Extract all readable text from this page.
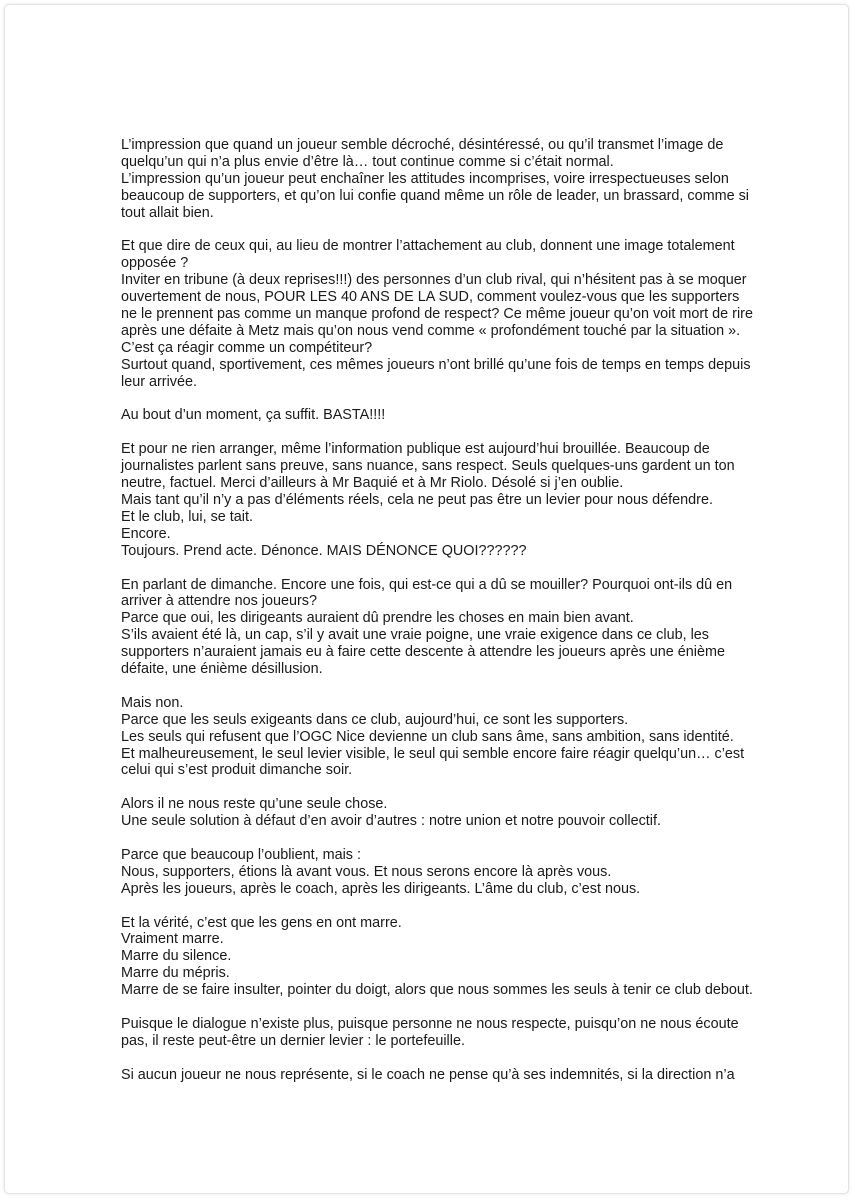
L’impression que quand un joueur semble décroché, désintéressé, ou qu’il transmet l’image de
quelqu’un qui n’a plus envie d’être là… tout continue comme si c’était normal.
L’impression qu’un joueur peut enchaîner les attitudes incomprises, voire irrespectueuses selon
beaucoup de supporters, et qu’on lui confie quand même un rôle de leader, un brassard, comme si
tout allait bien.
Et que dire de ceux qui, au lieu de montrer l’attachement au club, donnent une image totalement
opposée ?
Inviter en tribune (à deux reprises!!!) des personnes d’un club rival, qui n’hésitent pas à se moquer
ouvertement de nous, POUR LES 40 ANS DE LA SUD, comment voulez-vous que les supporters
ne le prennent pas comme un manque profond de respect? Ce même joueur qu’on voit mort de rire
après une défaite à Metz mais qu’on nous vend comme « profondément touché par la situation ».
C’est ça réagir comme un compétiteur?
Surtout quand, sportivement, ces mêmes joueurs n’ont brillé qu’une fois de temps en temps depuis
leur arrivée.
Au bout d’un moment, ça suffit. BASTA!!!!
Et pour ne rien arranger, même l’information publique est aujourd’hui brouillée. Beaucoup de
journalistes parlent sans preuve, sans nuance, sans respect. Seuls quelques-uns gardent un ton
neutre, factuel. Merci d’ailleurs à Mr Baquié et à Mr Riolo. Désolé si j’en oublie.
Mais tant qu’il n’y a pas d’éléments réels, cela ne peut pas être un levier pour nous défendre.
Et le club, lui, se tait.
Encore.
Toujours. Prend acte. Dénonce. MAIS DÉNONCE QUOI??????
En parlant de dimanche. Encore une fois, qui est-ce qui a dû se mouiller? Pourquoi ont-ils dû en
arriver à attendre nos joueurs?
Parce que oui, les dirigeants auraient dû prendre les choses en main bien avant.
S’ils avaient été là, un cap, s’il y avait une vraie poigne, une vraie exigence dans ce club, les
supporters n’auraient jamais eu à faire cette descente à attendre les joueurs après une énième
défaite, une énième désillusion.
Mais non.
Parce que les seuls exigeants dans ce club, aujourd’hui, ce sont les supporters.
Les seuls qui refusent que l’OGC Nice devienne un club sans âme, sans ambition, sans identité.
Et malheureusement, le seul levier visible, le seul qui semble encore faire réagir quelqu’un… c’est
celui qui s’est produit dimanche soir.
Alors il ne nous reste qu’une seule chose.
Une seule solution à défaut d’en avoir d’autres : notre union et notre pouvoir collectif.
Parce que beaucoup l’oublient, mais :
Nous, supporters, étions là avant vous. Et nous serons encore là après vous.
Après les joueurs, après le coach, après les dirigeants. L’âme du club, c’est nous.
Et la vérité, c’est que les gens en ont marre.
Vraiment marre.
Marre du silence.
Marre du mépris.
Marre de se faire insulter, pointer du doigt, alors que nous sommes les seuls à tenir ce club debout.
Puisque le dialogue n’existe plus, puisque personne ne nous respecte, puisqu’on ne nous écoute
pas, il reste peut-être un dernier levier : le portefeuille.
Si aucun joueur ne nous représente, si le coach ne pense qu’à ses indemnités, si la direction n’a
